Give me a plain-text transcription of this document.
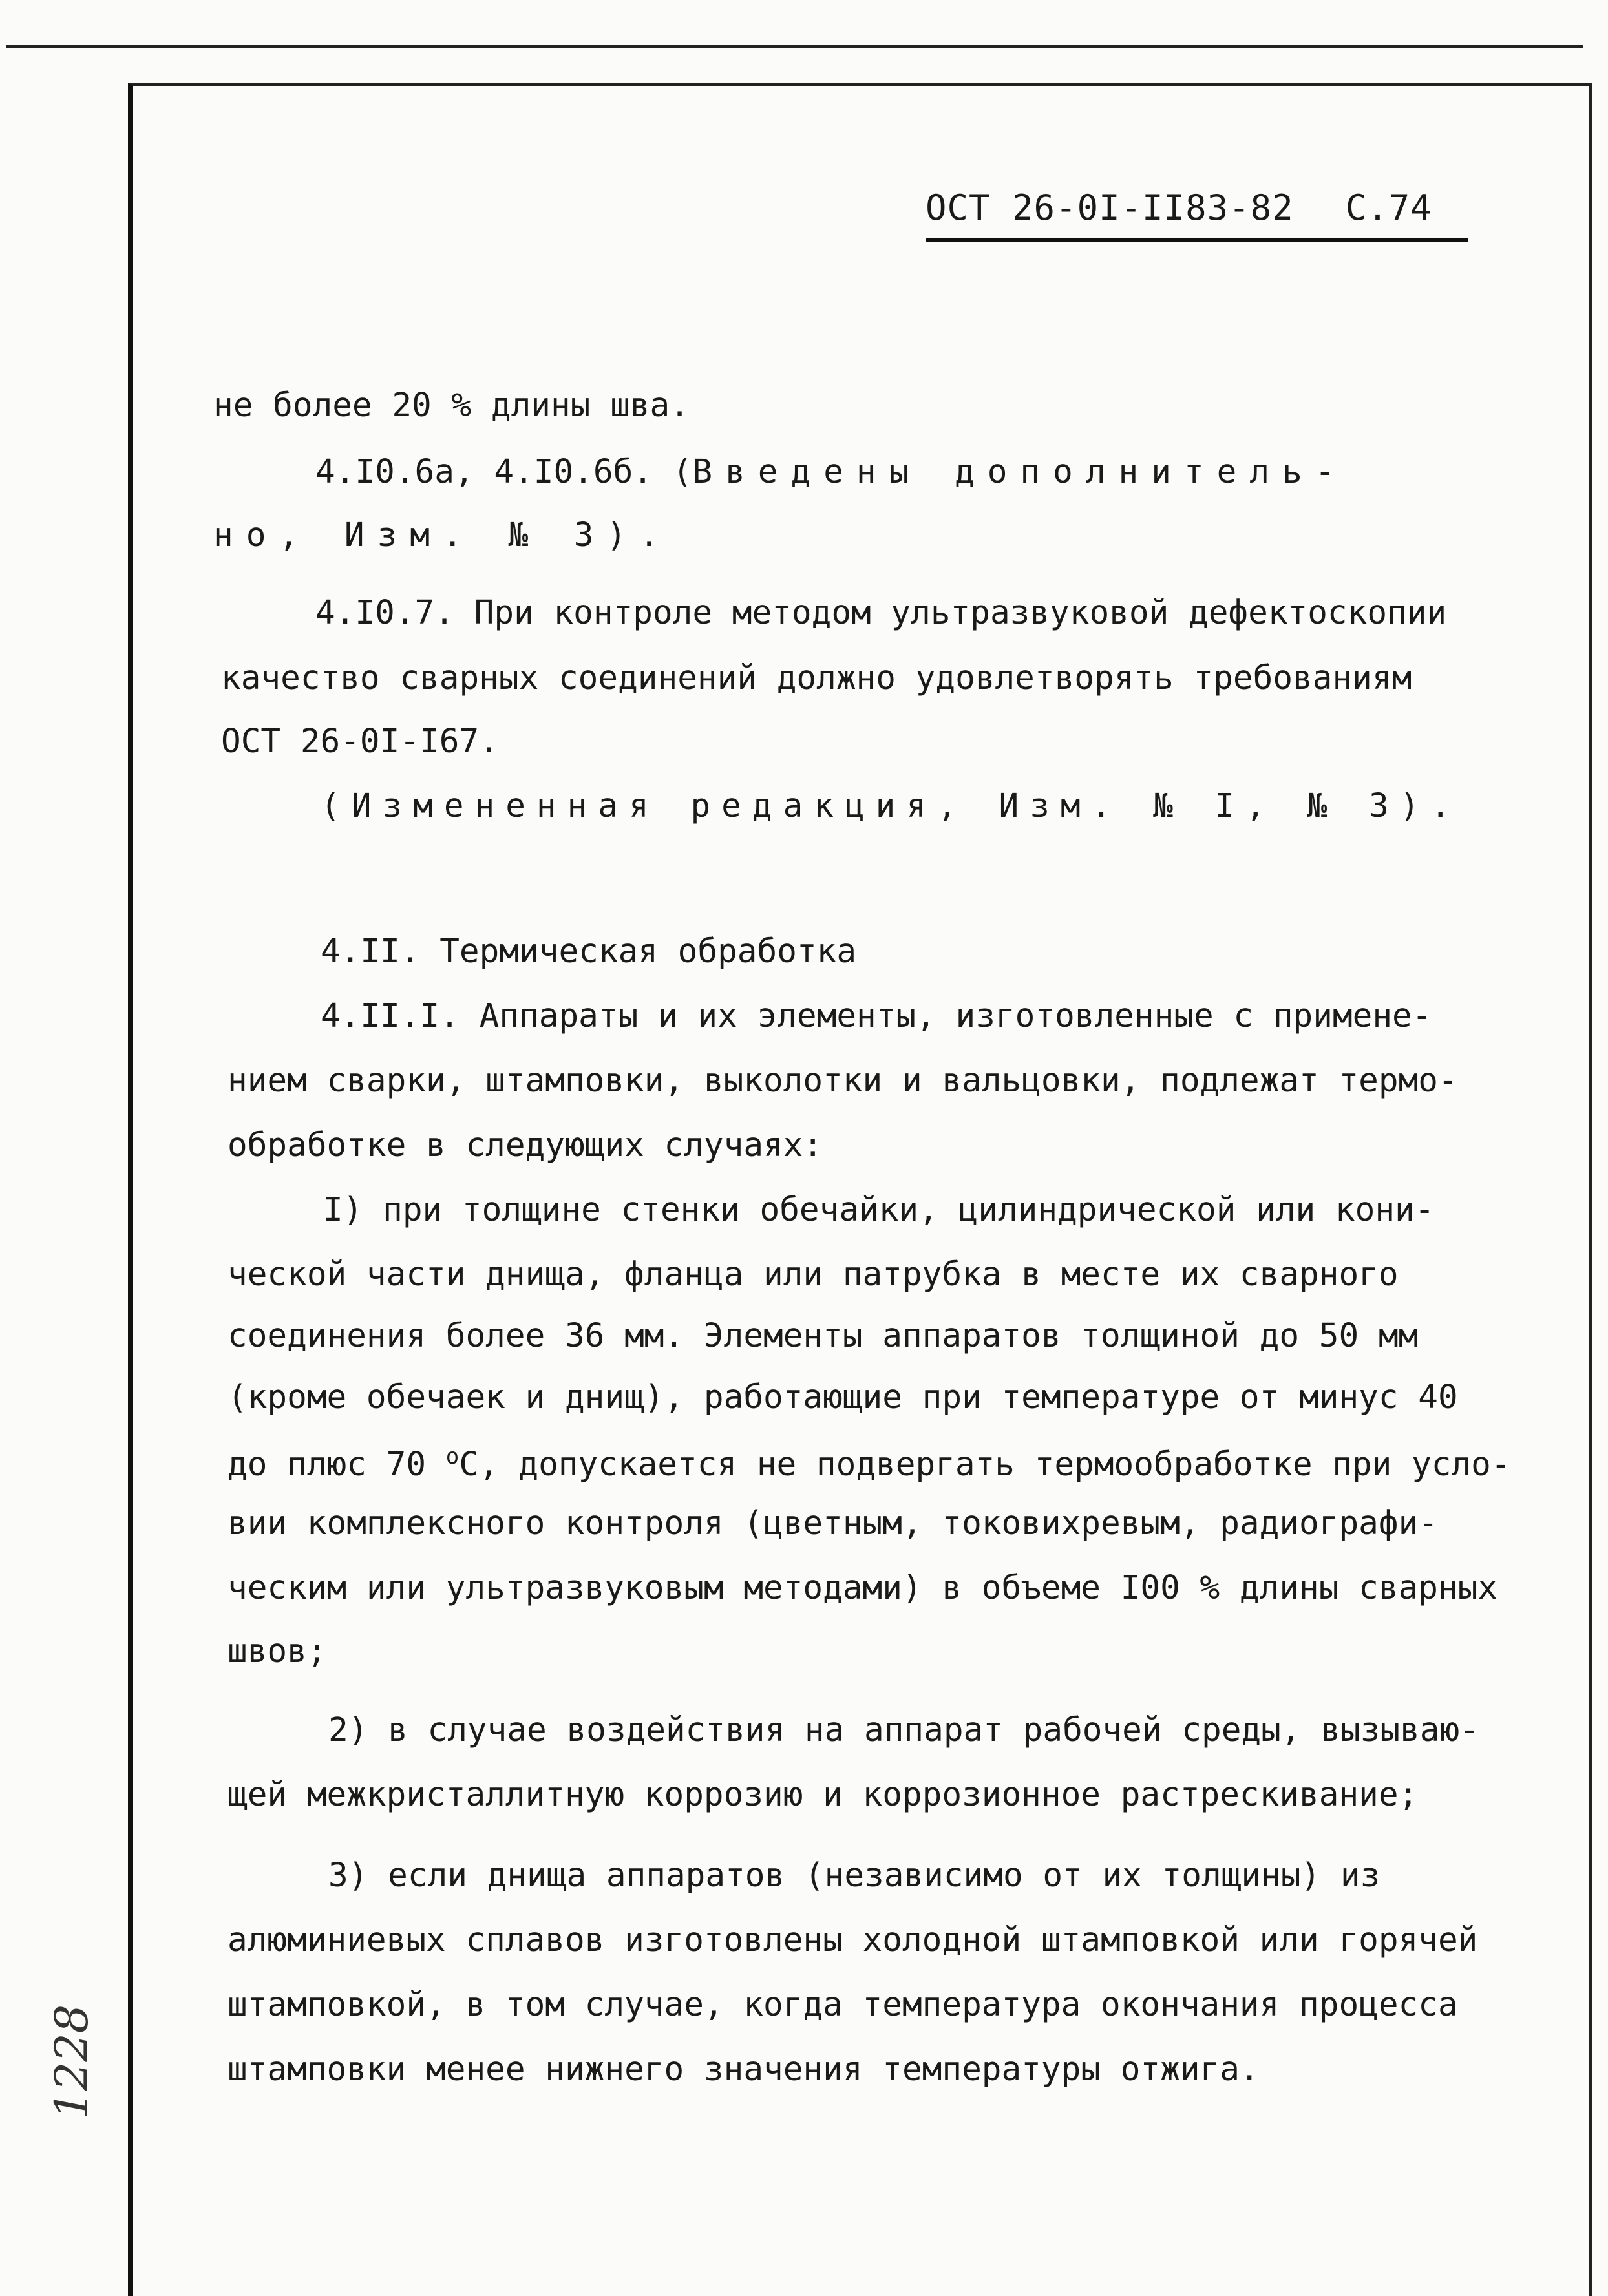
ОСТ 26-0I-II83-82 С.74
не более 20 % длины шва.
4.I0.6а, 4.I0.6б. (Введены дополнитель-
но, Изм. № 3).
4.I0.7. При контроле методом ультразвуковой дефектоскопии
качество сварных соединений должно удовлетворять требованиям
ОСТ 26-0I-I67.
(Измененная редакция, Изм. № I, № 3).
4.II. Термическая обработка
4.II.I. Аппараты и их элементы, изготовленные с примене-
нием сварки, штамповки, выколотки и вальцовки, подлежат термо-
обработке в следующих случаях:
I) при толщине стенки обечайки, цилиндрической или кони-
ческой части днища, фланца или патрубка в месте их сварного
соединения более 36 мм. Элементы аппаратов толщиной до 50 мм
(кроме обечаек и днищ), работающие при температуре от минус 40
до плюс 70 $^о$С, допускается не подвергать термообработке при усло-
вии комплексного контроля (цветным, токовихревым, радиографи-
ческим или ультразвуковым методами) в объеме I00 % длины сварных
швов;
2) в случае воздействия на аппарат рабочей среды, вызываю-
щей межкристаллитную коррозию и коррозионное растрескивание;
3) если днища аппаратов (независимо от их толщины) из
алюминиевых сплавов изготовлены холодной штамповкой или горячей
штамповкой, в том случае, когда температура окончания процесса
штамповки менее нижнего значения температуры отжига.
1228
